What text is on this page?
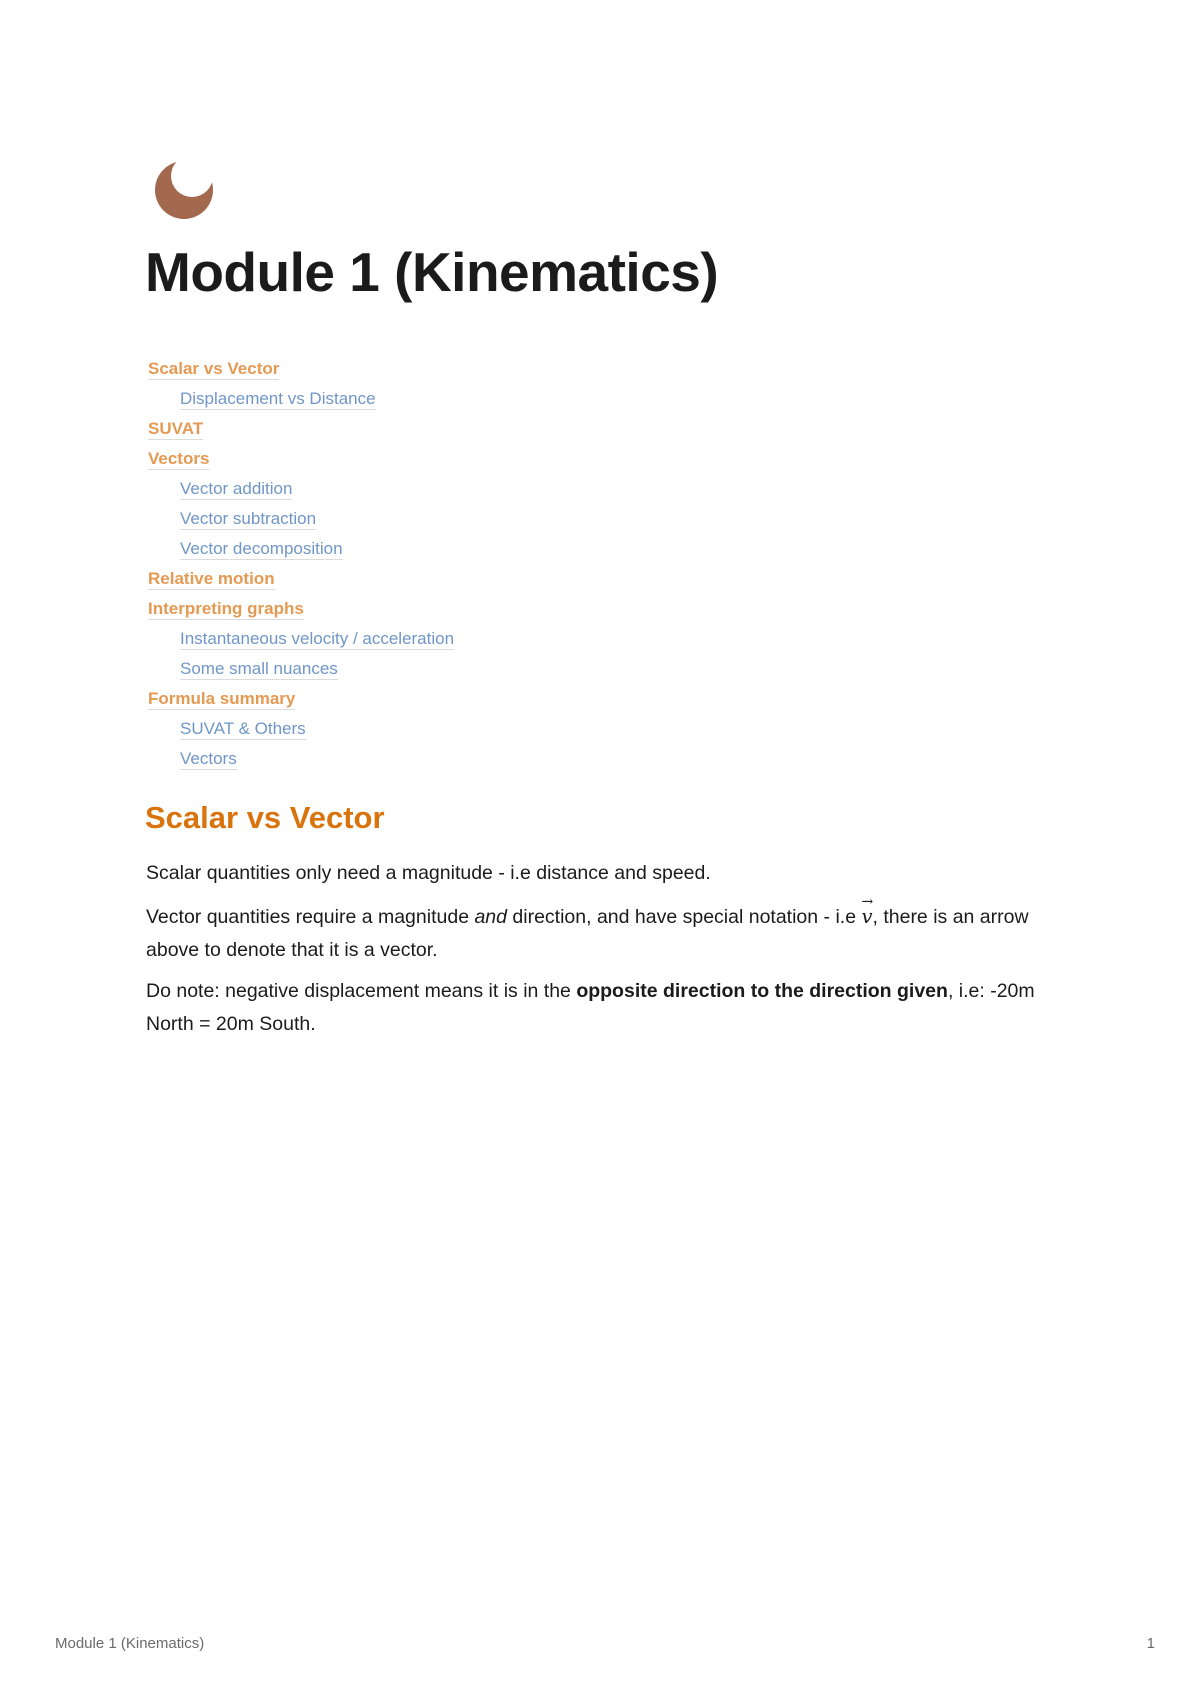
Module 1 (Kinematics)
Scalar vs Vector
Displacement vs Distance
SUVAT
Vectors
Vector addition
Vector subtraction
Vector decomposition
Relative motion
Interpreting graphs
Instantaneous velocity / acceleration
Some small nuances
Formula summary
SUVAT & Others
Vectors
Scalar vs Vector

Scalar quantities only need a magnitude - i.e distance and speed.

Vector quantities require a magnitude and direction, and have special notation - i.e → v, there is an arrow above to denote that it is a vector.

Do note: negative displacement means it is in the opposite direction to the direction given, i.e: -20m North = 20m South.

Module 1 (Kinematics)	1
